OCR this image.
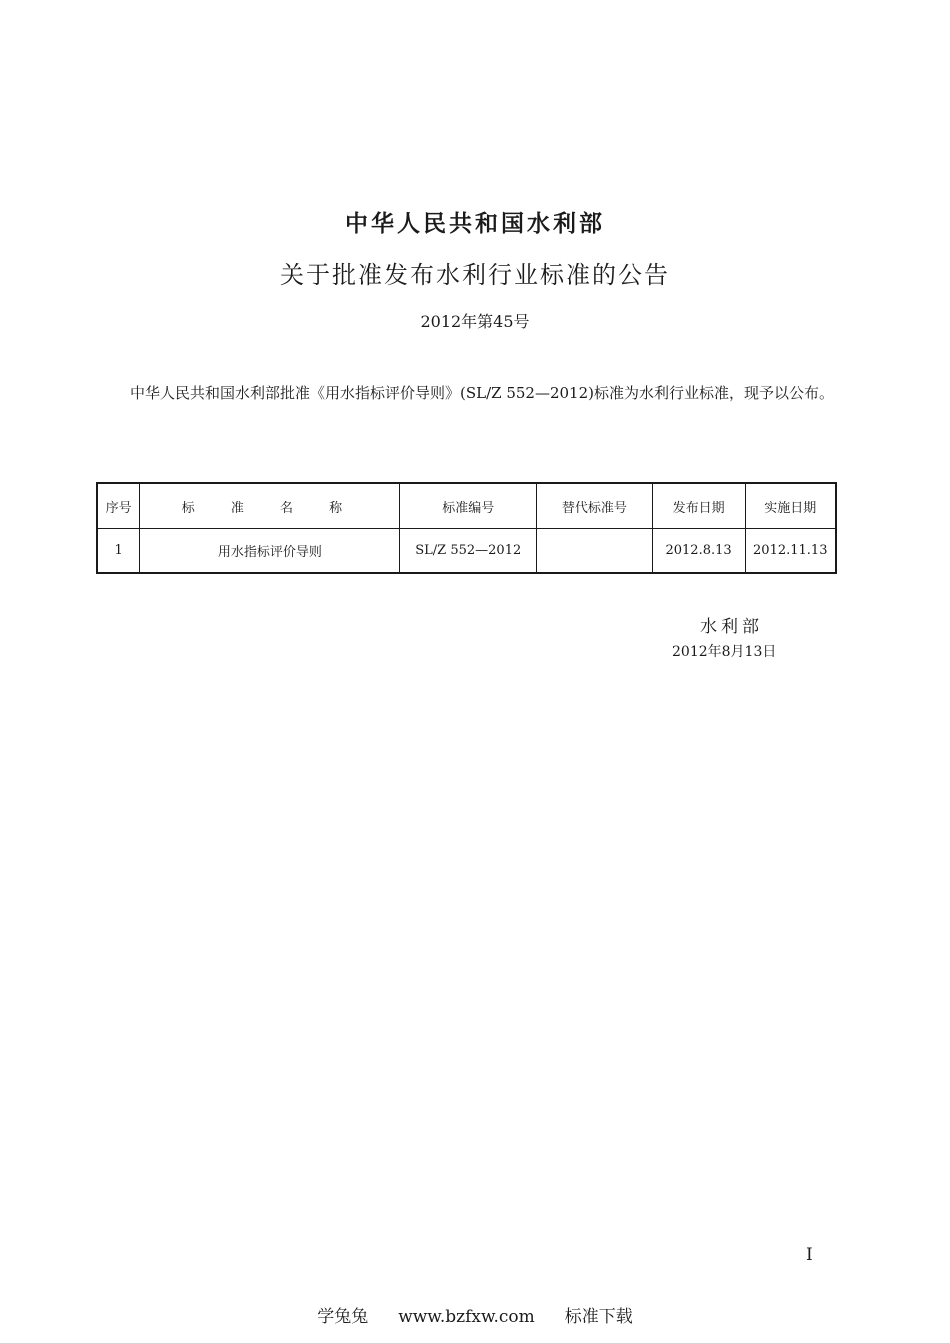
中华人民共和国水利部
关于批准发布水利行业标准的公告
2012年第45号
中华人民共和国水利部批准《用水指标评价导则》(SL/Z 552—2012)标准为水利行业标准，现予以公布。
序号	标 准 名 称	标准编号	替代标准号	发布日期	实施日期
1	用水指标评价导则	SL/Z 552—2012		2012.8.13	2012.11.13
水利部
2012年8月13日
I
学兔兔 www.bzfxw.com 标准下载
